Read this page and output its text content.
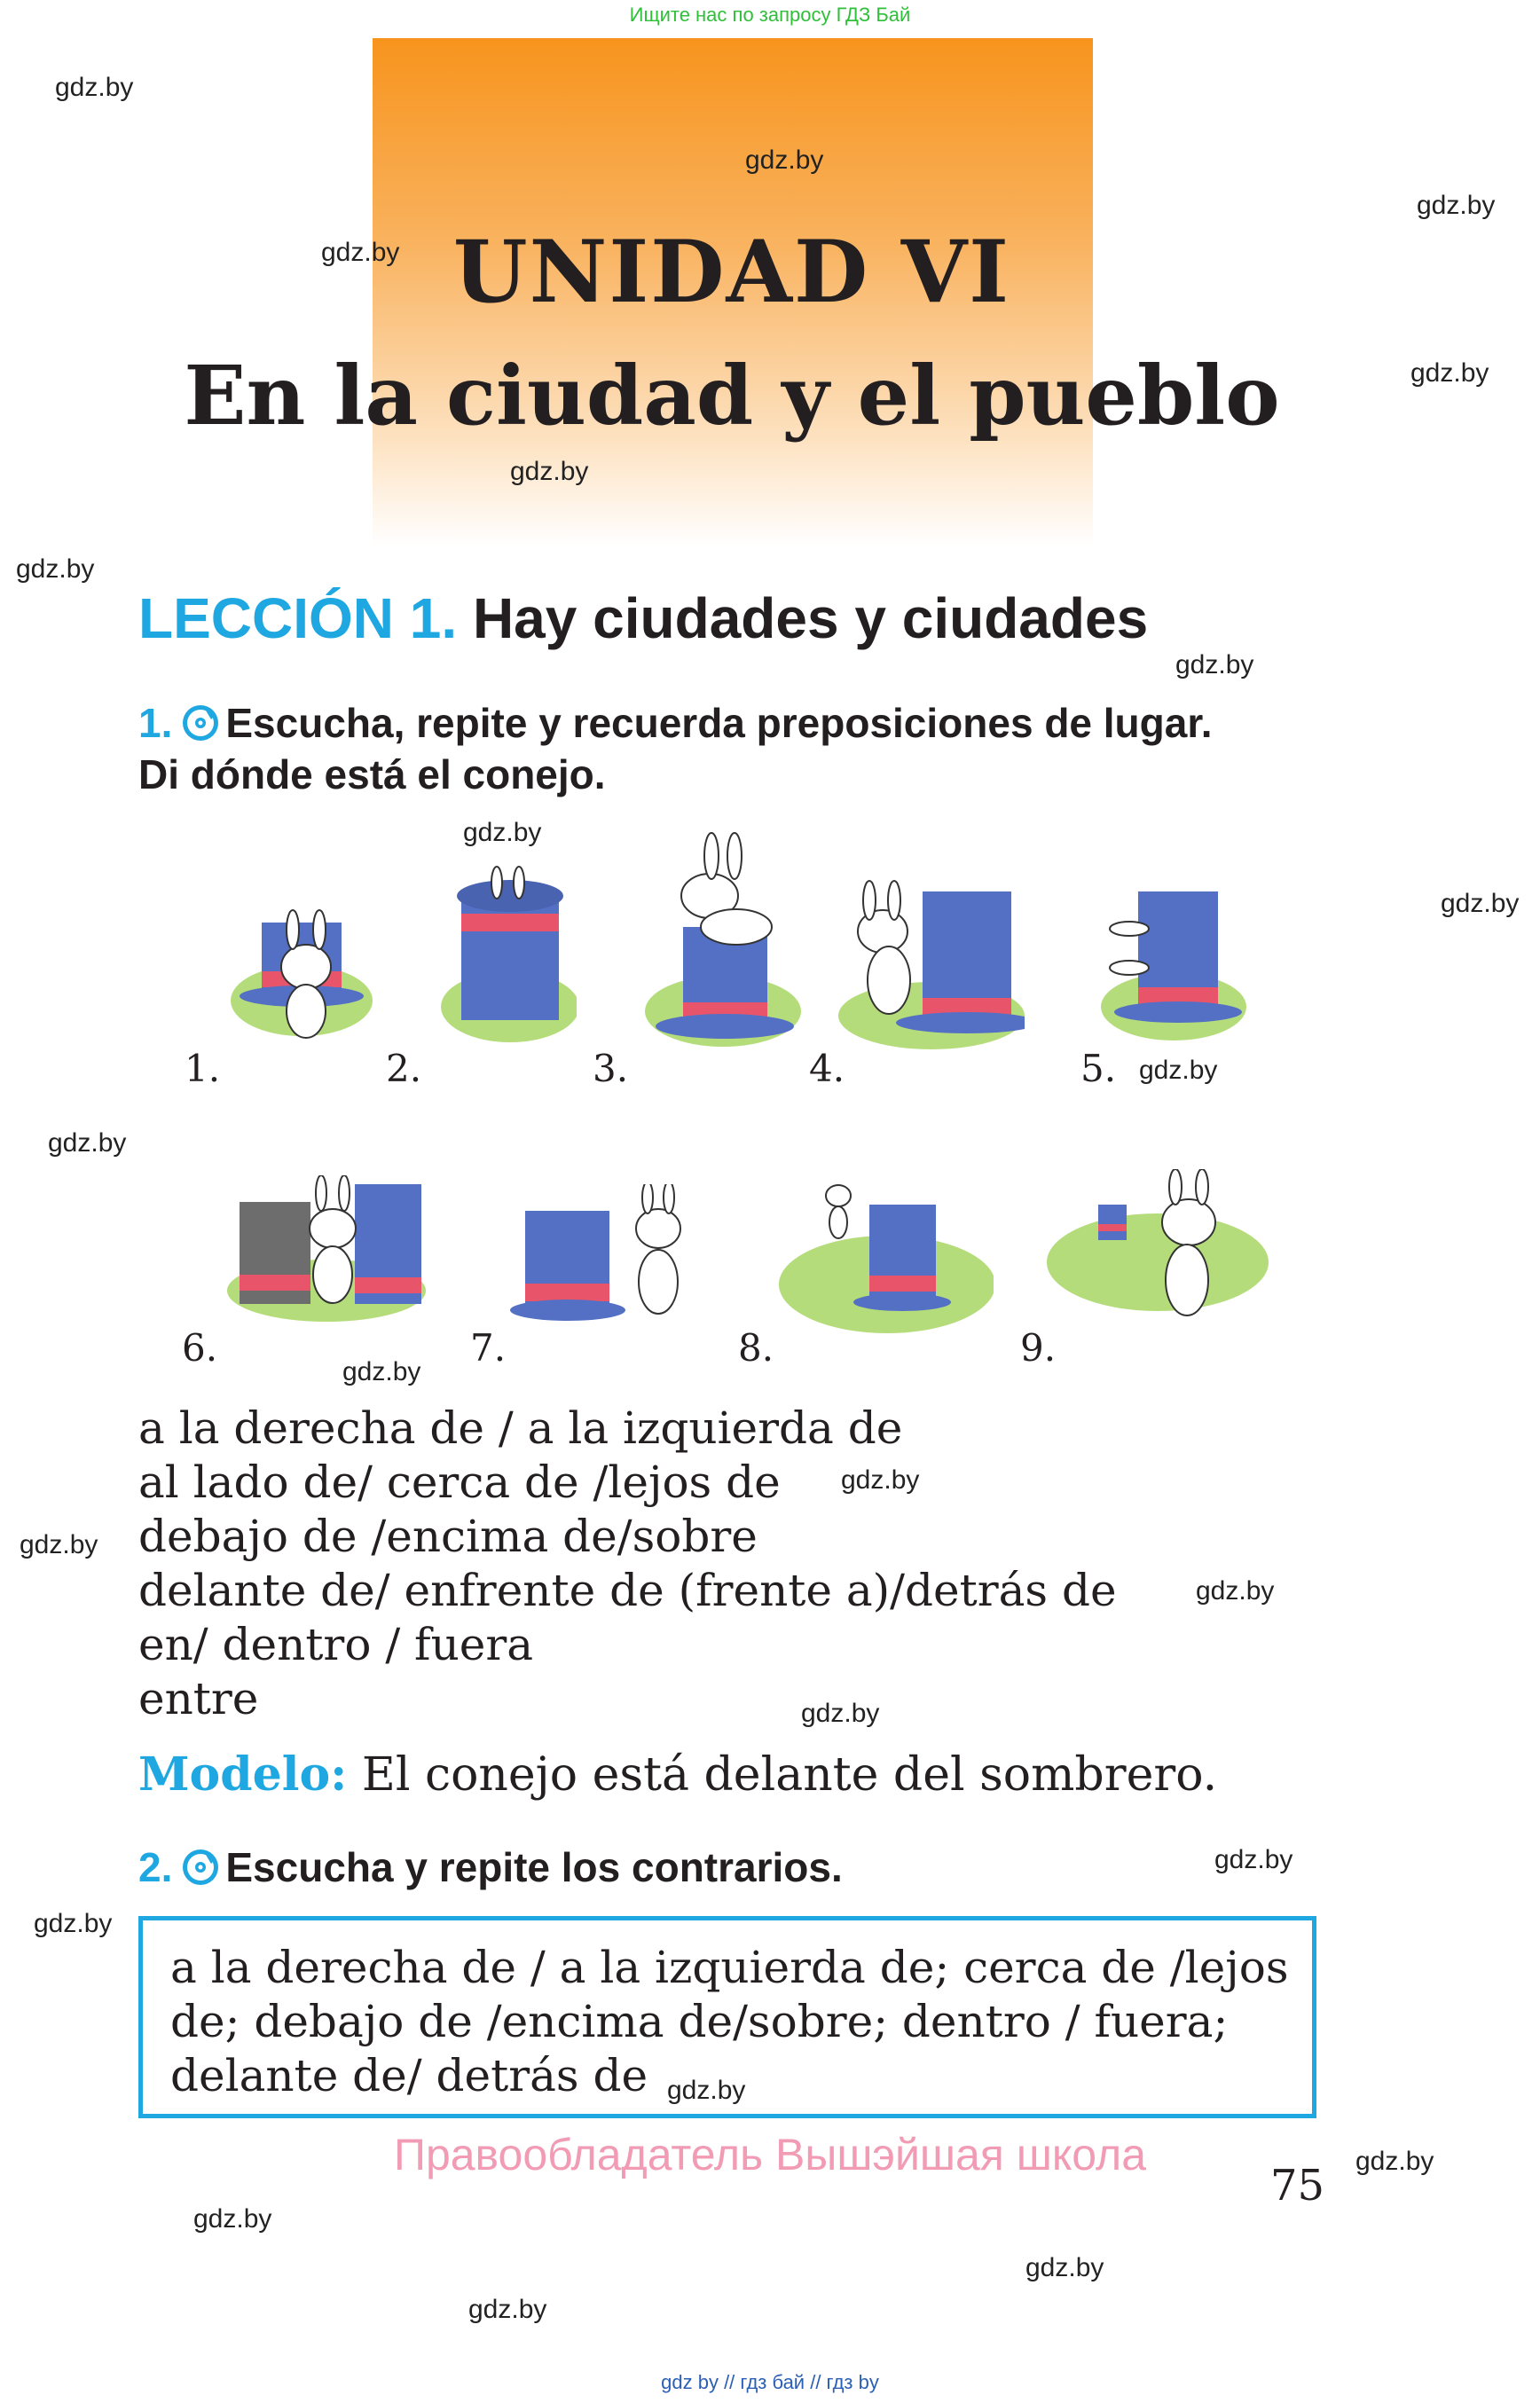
Ищите нас по запросу ГДЗ Бай
UNIDAD VI
En la ciudad y el pueblo
gdz.by
gdz.by
gdz.by
gdz.by
gdz.by
gdz.by
gdz.by
gdz.by
gdz.by
gdz.by
gdz.by
gdz.by
gdz.by
gdz.by
gdz.by
gdz.by
gdz.by
gdz.by
gdz.by
gdz.by
gdz.by
gdz.by
gdz.by
gdz.by
LECCIÓN 1. Hay ciudades y ciudades
1. Escucha, repite y recuerda preposiciones de lugar.
Di dónde está el conejo.
1.	2.	3.	4.	5.
6.	7.	8.	9.
a la derecha de / a la izquierda de
al lado de/ cerca de /lejos de
debajo de /encima de/sobre
delante de/ enfrente de (frente a)/detrás de
en/ dentro / fuera
entre
Modelo: El conejo está delante del sombrero.
2. Escucha y repite los contrarios.
a la derecha de / a la izquierda de; cerca de /lejos
de; debajo de /encima de/sobre; dentro / fuera;
delante de/ detrás de
Правообладатель Вышэйшая школа
75
gdz by // гдз бай // гдз by
